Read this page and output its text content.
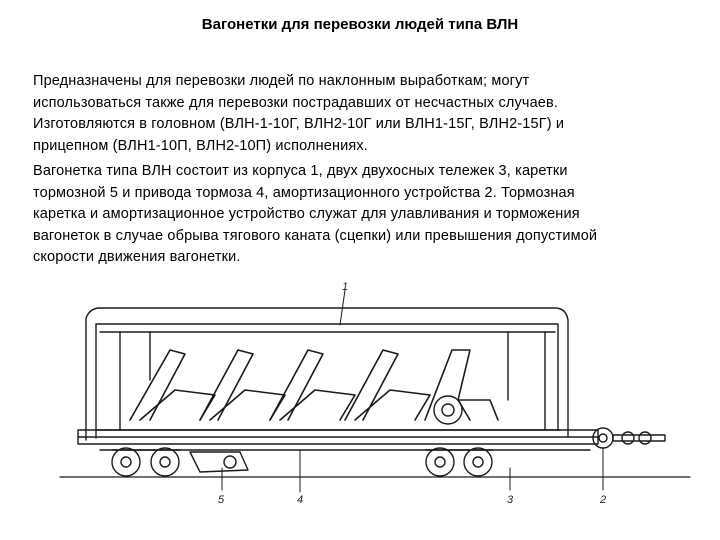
Вагонетки для перевозки людей типа ВЛН
Предназначены для перевозки людей по наклонным выработкам; могут
использоваться также для перевозки пострадавших от несчастных случаев.
Изготовляются в головном (ВЛН-1-10Г, ВЛН2-10Г или ВЛН1-15Г, ВЛН2-15Г) и
прицепном (ВЛН1-10П, ВЛН2-10П) исполнениях.
Вагонетка типа ВЛН состоит из корпуса 1, двух двухосных тележек 3, каретки
тормозной 5 и привода тормоза 4, амортизационного устройства 2. Тормозная
каретка и амортизационное устройство служат для улавливания и торможения
вагонеток в случае обрыва тягового каната (сцепки) или превышения допустимой
скорости движения вагонетки.
1
5	4	3	2
